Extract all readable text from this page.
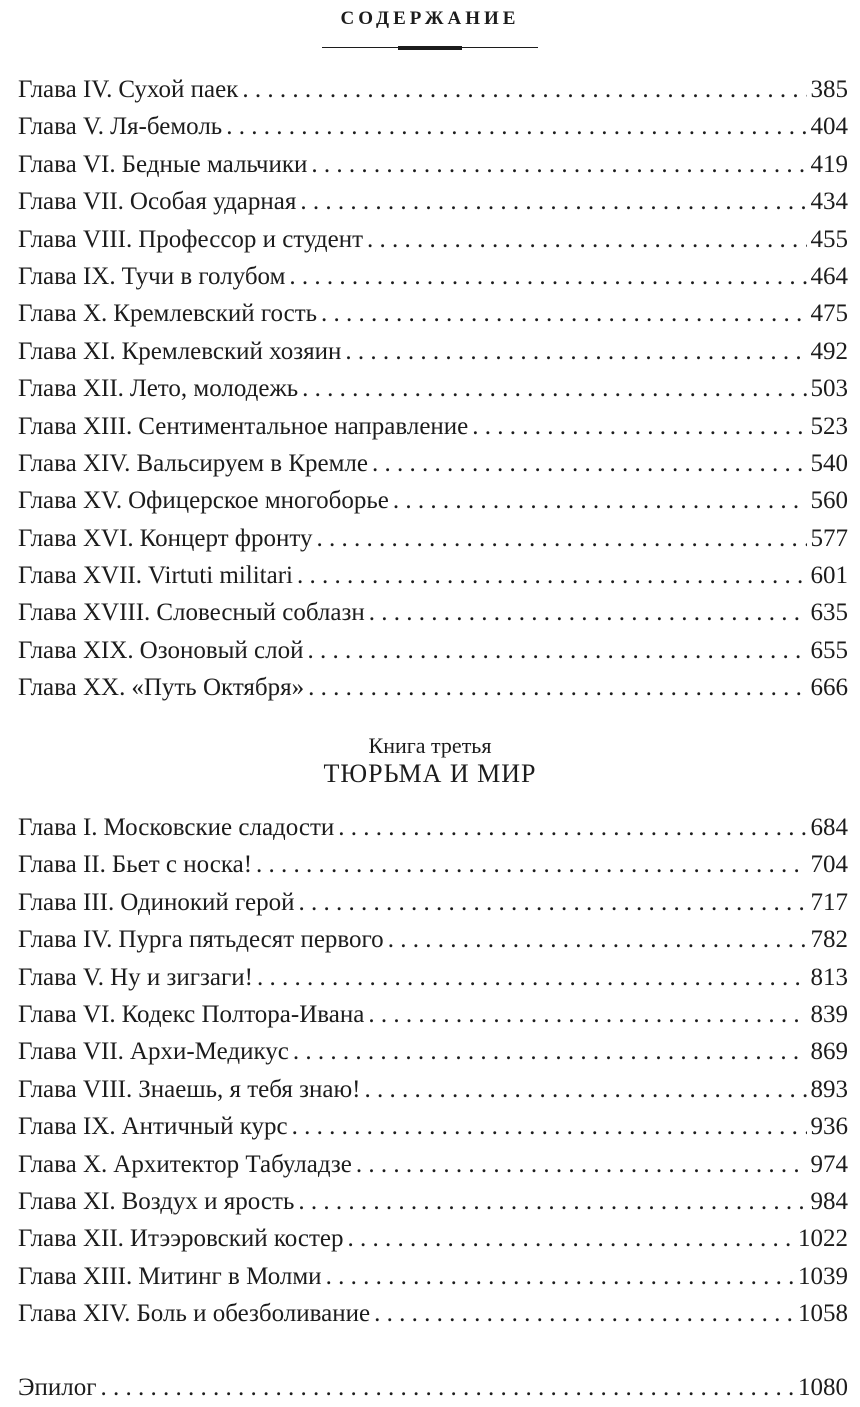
СОДЕРЖАНИЕ
Глава IV. Сухой паек . . .	385
Глава V. Ля-бемоль . . .	404
Глава VI. Бедные мальчики . . .	419
Глава VII. Особая ударная . . .	434
Глава VIII. Профессор и студент . . .	455
Глава IX. Тучи в голубом . . .	464
Глава X. Кремлевский гость . . .	475
Глава XI. Кремлевский хозяин . . .	492
Глава XII. Лето, молодежь . . .	503
Глава XIII. Сентиментальное направление . . .	523
Глава XIV. Вальсируем в Кремле . . .	540
Глава XV. Офицерское многоборье . . .	560
Глава XVI. Концерт фронту . . .	577
Глава XVII. Virtuti militari . . .	601
Глава XVIII. Словесный соблазн . . .	635
Глава XIX. Озоновый слой . . .	655
Глава XX. «Путь Октября» . . .	666
Книга третья
ТЮРЬМА И МИР
Глава I. Московские сладости . . .	684
Глава II. Бьет с носка! . . .	704
Глава III. Одинокий герой . . .	717
Глава IV. Пурга пятьдесят первого . . .	782
Глава V. Ну и зигзаги! . . .	813
Глава VI. Кодекс Полтора-Ивана . . .	839
Глава VII. Архи-Медикус . . .	869
Глава VIII. Знаешь, я тебя знаю! . . .	893
Глава IX. Античный курс . . .	936
Глава X. Архитектор Табуладзе . . .	974
Глава XI. Воздух и ярость . . .	984
Глава XII. Итээровский костер . . .	1022
Глава XIII. Митинг в Молми . . .	1039
Глава XIV. Боль и обезболивание . . .	1058
Эпилог . . .	1080
